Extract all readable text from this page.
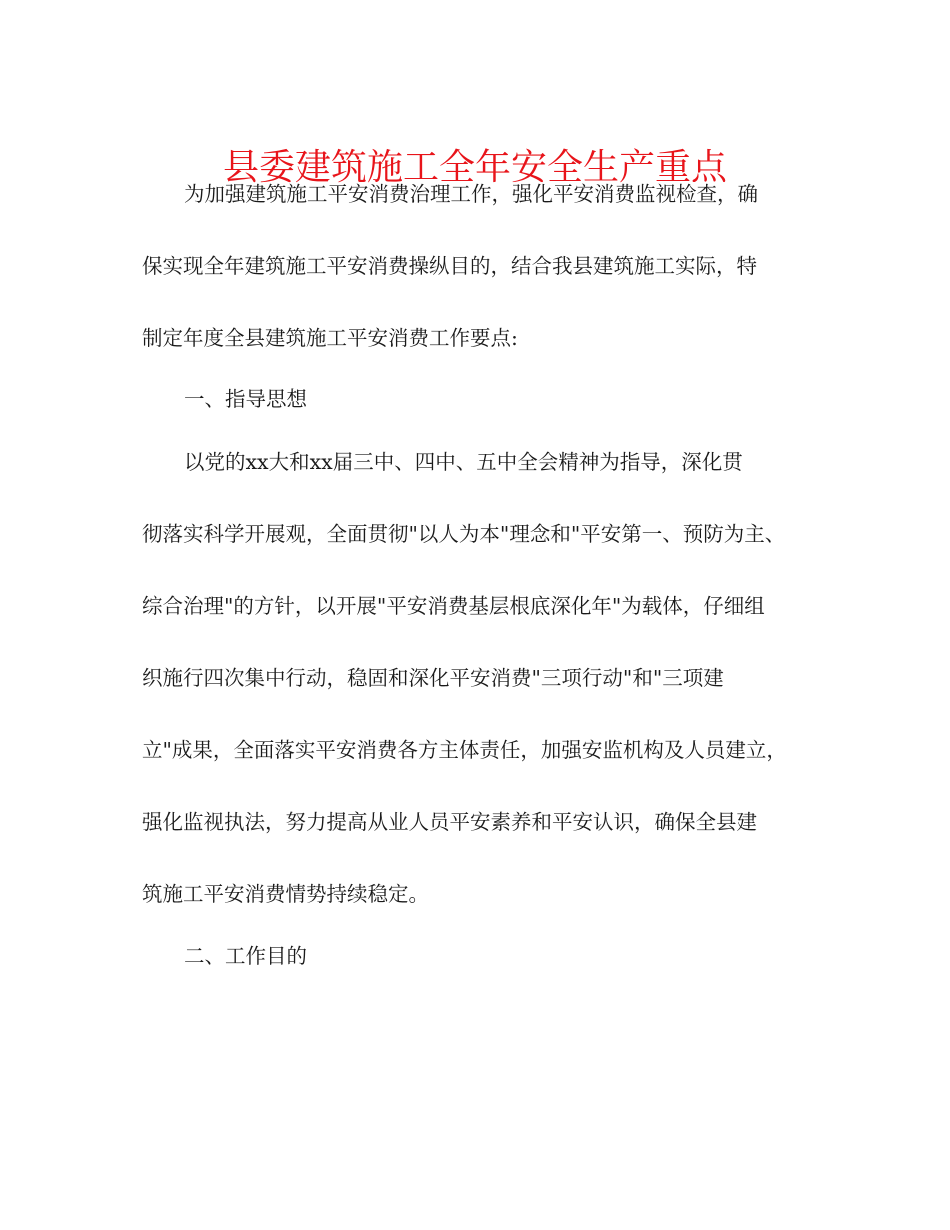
县委建筑施工全年安全生产重点
为加强建筑施工平安消费治理工作，强化平安消费监视检查，确
保实现全年建筑施工平安消费操纵目的，结合我县建筑施工实际，特
制定年度全县建筑施工平安消费工作要点:
一、指导思想
以党的xx大和xx届三中、四中、五中全会精神为指导，深化贯
彻落实科学开展观，全面贯彻"以人为本"理念和"平安第一、预防为主、
综合治理"的方针，以开展"平安消费基层根底深化年"为载体，仔细组
织施行四次集中行动，稳固和深化平安消费"三项行动"和"三项建
立"成果，全面落实平安消费各方主体责任，加强安监机构及人员建立，
强化监视执法，努力提高从业人员平安素养和平安认识，确保全县建
筑施工平安消费情势持续稳定。
二、工作目的
